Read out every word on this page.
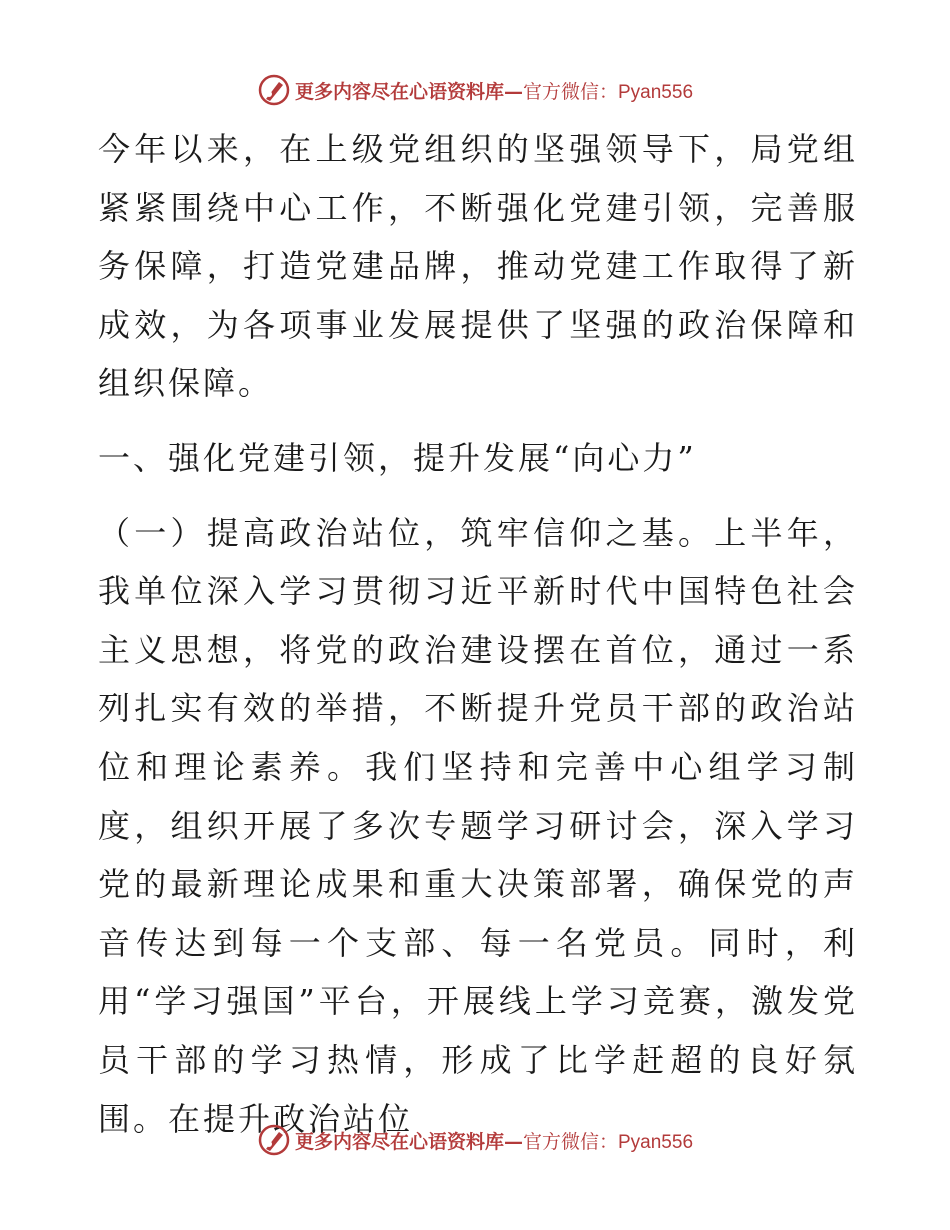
更多内容尽在心语资料库—官方微信：Pyan556

今年以来，在上级党组织的坚强领导下，局党组紧紧围绕中心工作，不断强化党建引领，完善服务保障，打造党建品牌，推动党建工作取得了新成效，为各项事业发展提供了坚强的政治保障和组织保障。

一、强化党建引领，提升发展“向心力”

（一）提高政治站位，筑牢信仰之基。上半年，我单位深入学习贯彻习近平新时代中国特色社会主义思想，将党的政治建设摆在首位，通过一系列扎实有效的举措，不断提升党员干部的政治站位和理论素养。我们坚持和完善中心组学习制度，组织开展了多次专题学习研讨会，深入学习党的最新理论成果和重大决策部署，确保党的声音传达到每一个支部、每一名党员。同时，利用“学习强国”平台，开展线上学习竞赛，激发党员干部的学习热情，形成了比学赶超的良好氛围。在提升政治站位

更多内容尽在心语资料库—官方微信：Pyan556
